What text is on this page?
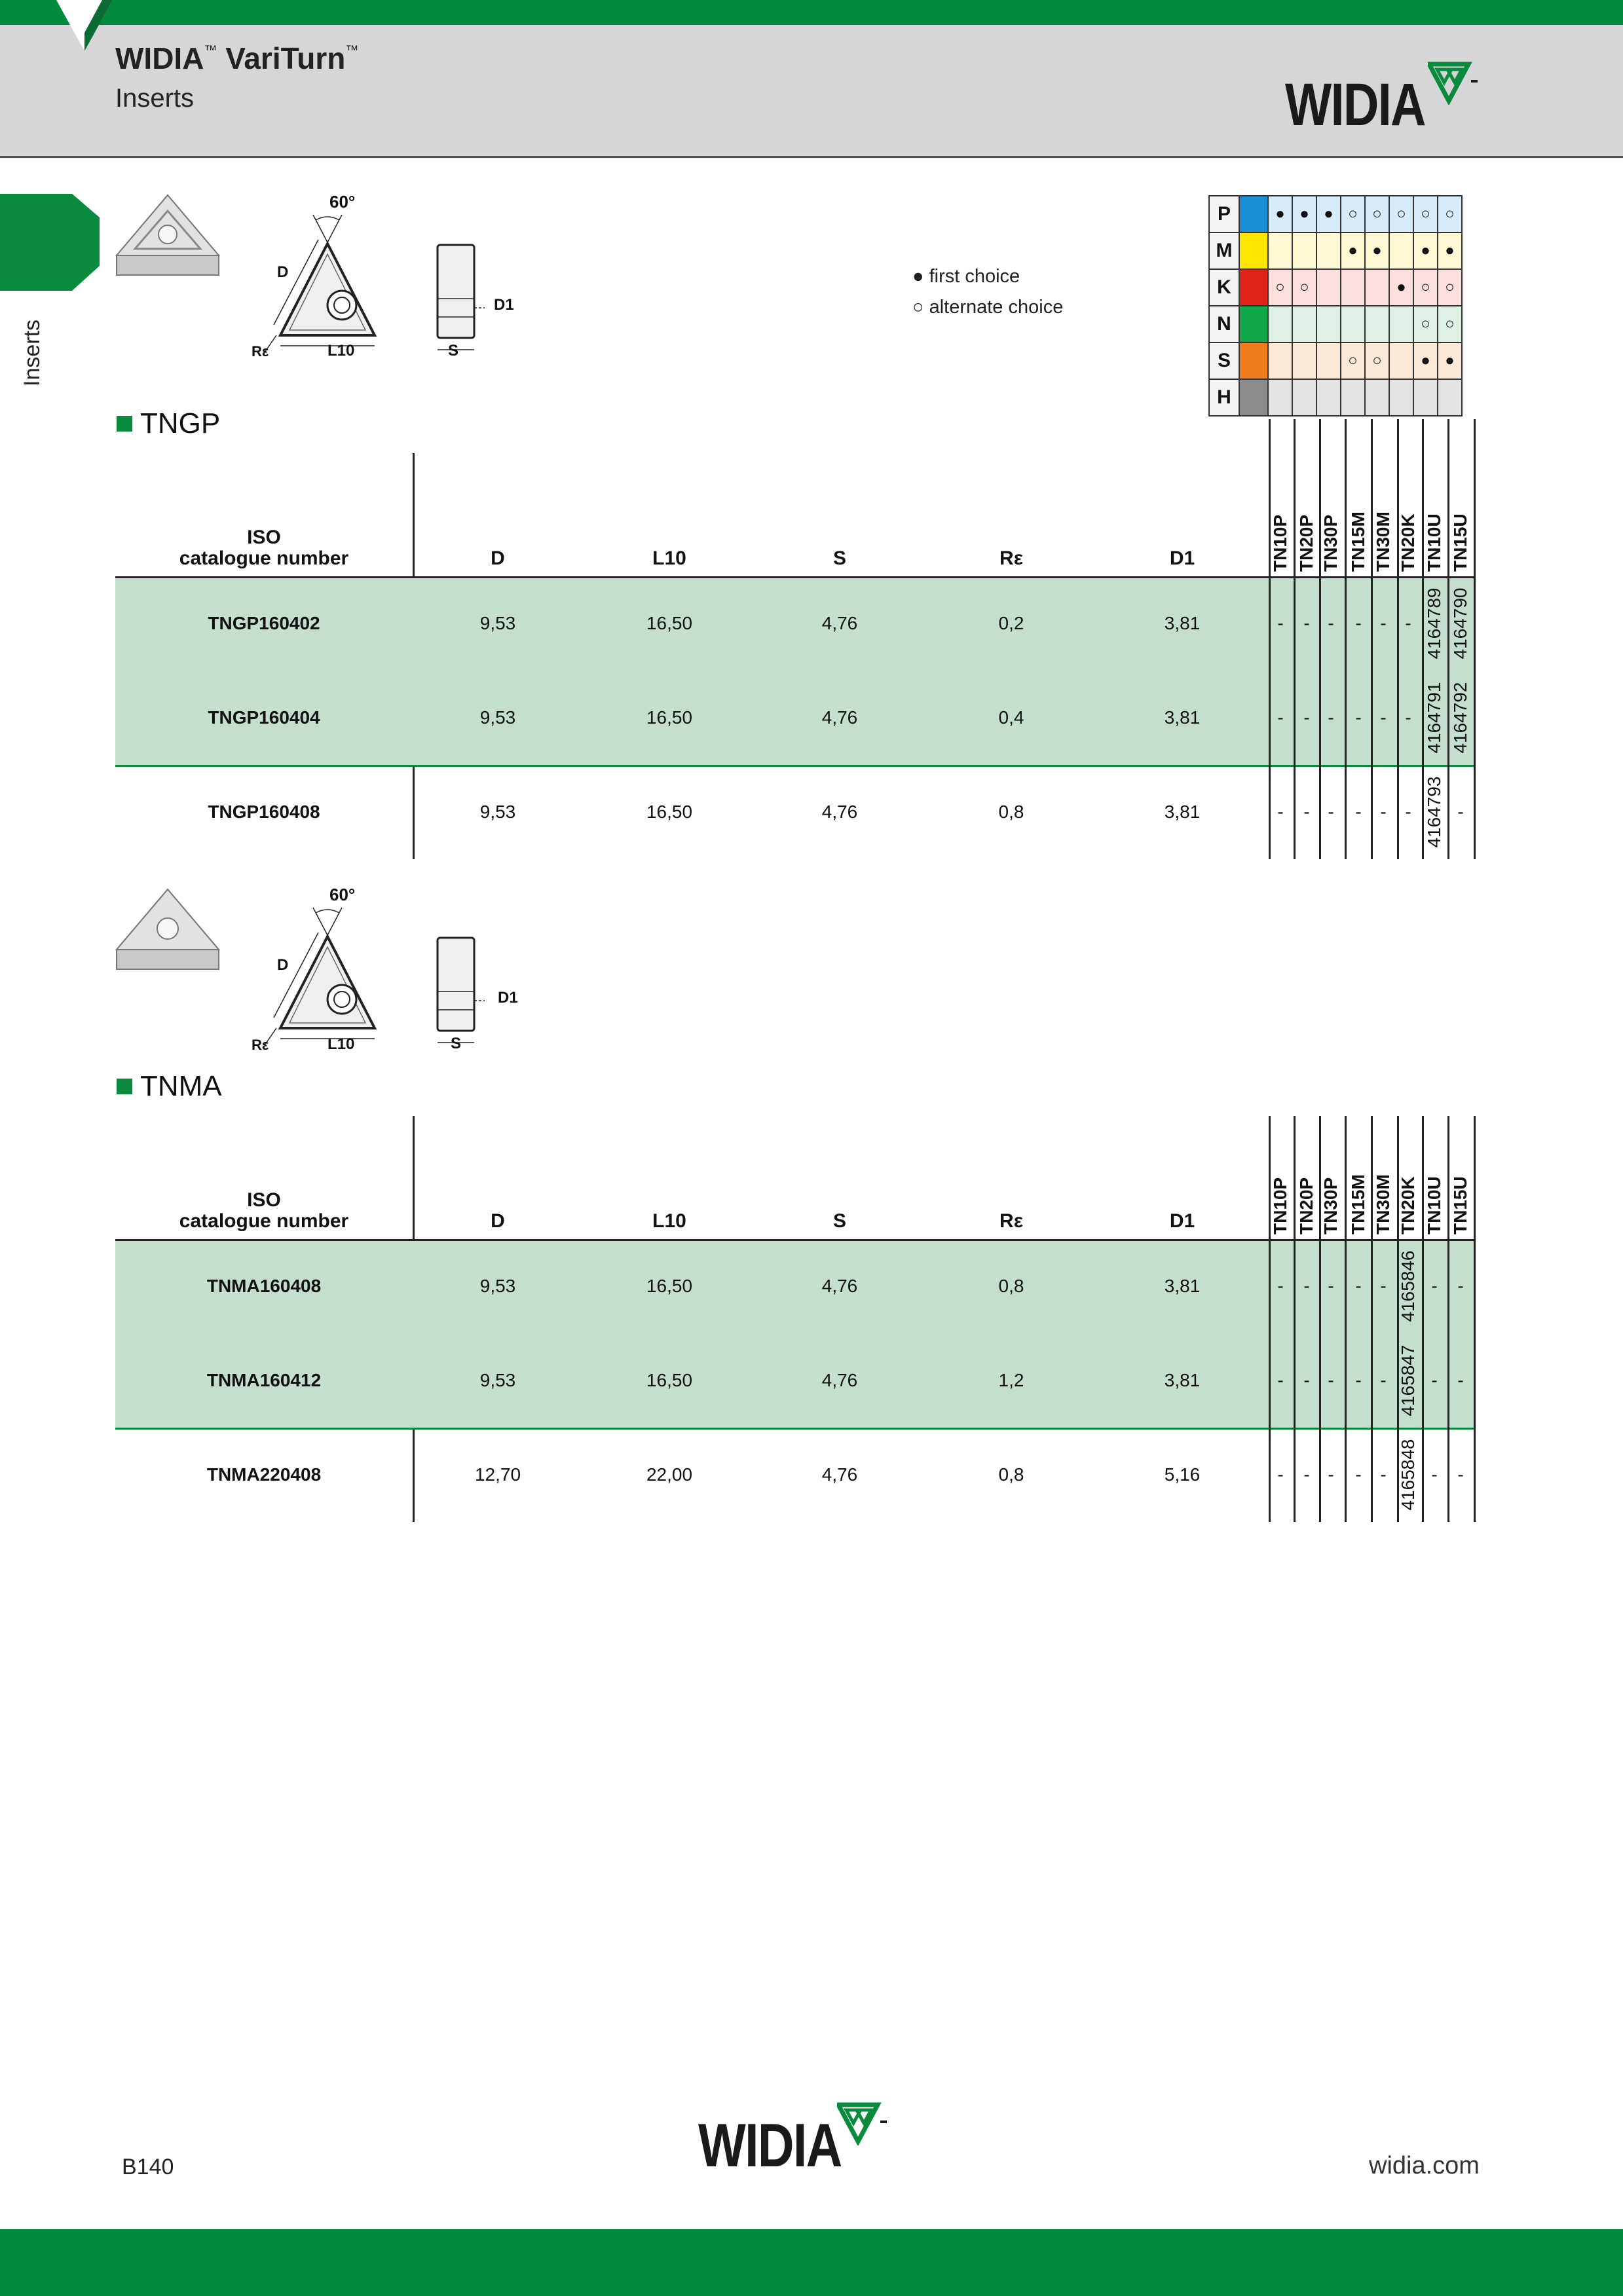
WIDIA™ VariTurn™
Inserts	WIDIA
Inserts
60°
D
Rε	L10
D1
S
● first choice
○ alternate choice
P		●	●	●	○	○	○	○	○
M					●	●		●	●
K		○	○				●	○	○
N								○	○
S					○	○		●	●
H									
TNGP
ISO
catalogue number	D	L10	S	Rε	D1	TN10P TN20P TN30P TN15M TN30M TN20K TN10U TN15U
TNGP160402	9,53	16,50	4,76	0,2	3,81	-	- -	-	-	- 4164789 4164790
TNGP160404	9,53	16,50	4,76	0,4	3,81	-	- -	-	-	- 4164791 4164792
TNGP160408	9,53	16,50	4,76	0,8	3,81	-	- -	-	-	- 4164793 -
ISO
catalogue number	D	L10	S	Rε	D1	TN10P TN20P TN30P TN15M TN30M TN20K TN10U TN15U
TNMA160408	9,53	16,50	4,76	0,8	3,81	-	- -	-	- 4165846 -	-
TNMA160412	9,53	16,50	4,76	1,2	3,81	-	- -	-	- 4165847 -	-
TNMA220408	12,70	22,00	4,76	0,8	5,16	-	- -	-	- 4165848 -	-
60°
D
Rε	L10
D1
S
TNMA
B140	WIDIA	widia.com
